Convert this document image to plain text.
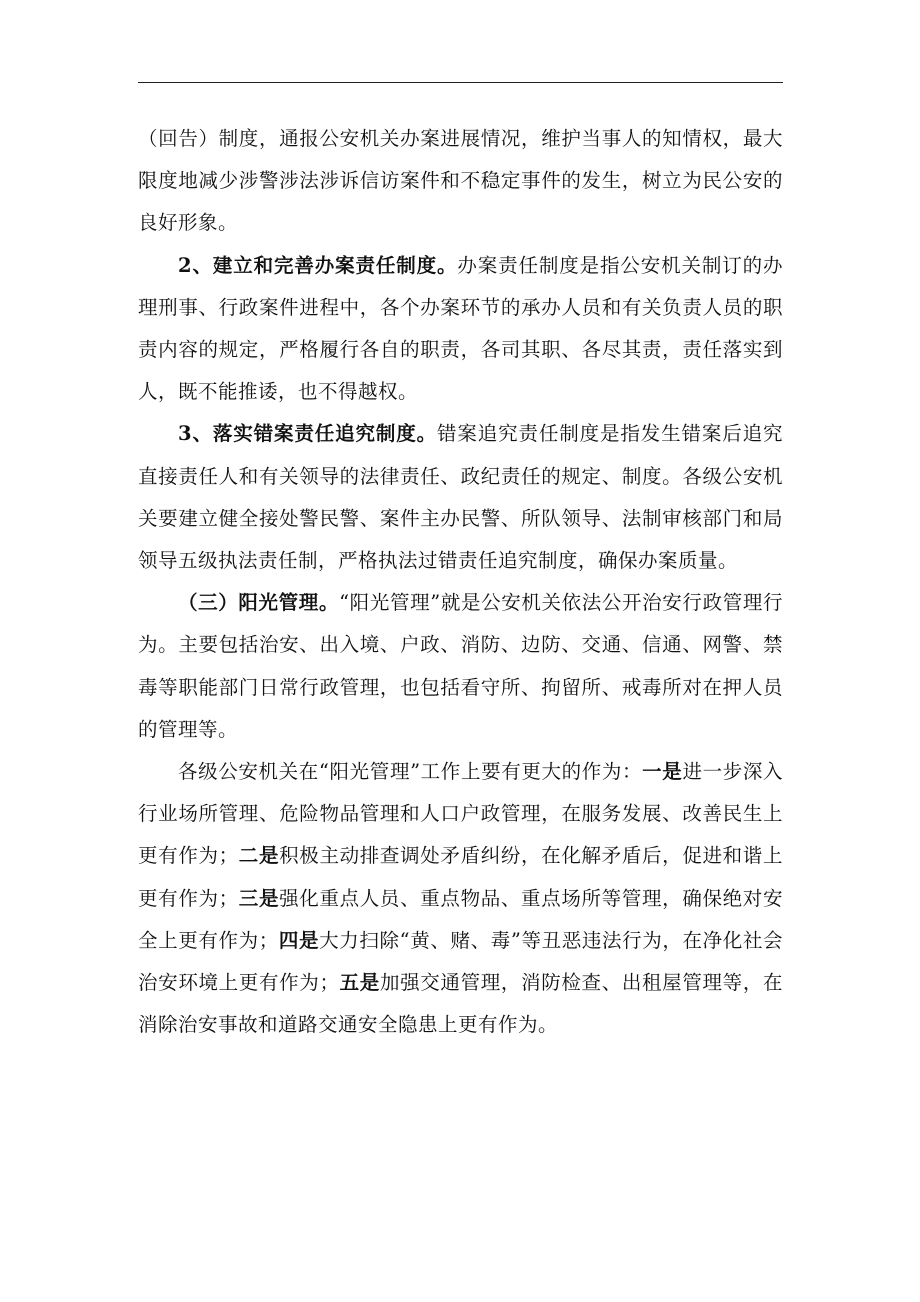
（回告）制度，通报公安机关办案进展情况，维护当事人的知情权，最大限度地减少涉警涉法涉诉信访案件和不稳定事件的发生，树立为民公安的良好形象。

2、建立和完善办案责任制度。办案责任制度是指公安机关制订的办理刑事、行政案件进程中，各个办案环节的承办人员和有关负责人员的职责内容的规定，严格履行各自的职责，各司其职、各尽其责，责任落实到人，既不能推诿，也不得越权。

3、落实错案责任追究制度。错案追究责任制度是指发生错案后追究直接责任人和有关领导的法律责任、政纪责任的规定、制度。各级公安机关要建立健全接处警民警、案件主办民警、所队领导、法制审核部门和局领导五级执法责任制，严格执法过错责任追究制度，确保办案质量。

（三）阳光管理。“阳光管理”就是公安机关依法公开治安行政管理行为。主要包括治安、出入境、户政、消防、边防、交通、信通、网警、禁毒等职能部门日常行政管理，也包括看守所、拘留所、戒毒所对在押人员的管理等。

各级公安机关在“阳光管理”工作上要有更大的作为：一是进一步深入行业场所管理、危险物品管理和人口户政管理，在服务发展、改善民生上更有作为；二是积极主动排查调处矛盾纠纷，在化解矛盾后，促进和谐上更有作为；三是强化重点人员、重点物品、重点场所等管理，确保绝对安全上更有作为；四是大力扫除“黄、赌、毒”等丑恶违法行为，在净化社会治安环境上更有作为；五是加强交通管理，消防检查、出租屋管理等，在消除治安事故和道路交通安全隐患上更有作为。
